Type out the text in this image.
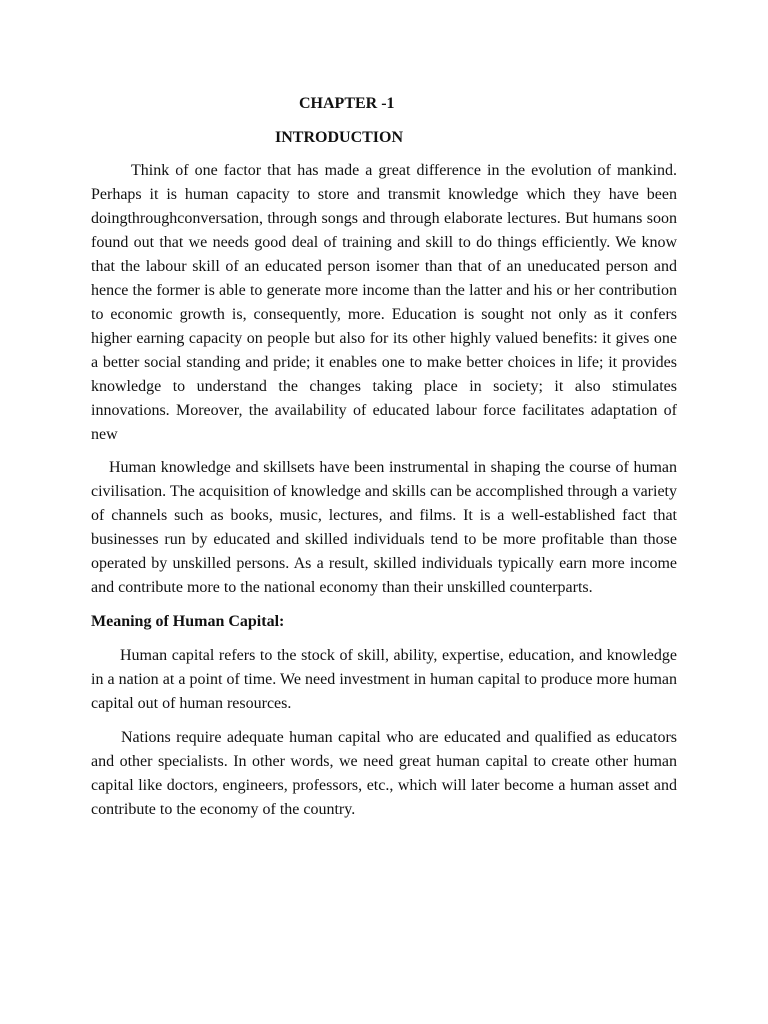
CHAPTER -1
INTRODUCTION

Think of one factor that has made a great difference in the evolution of mankind. Perhaps it is human capacity to store and transmit knowledge which they have been doingthroughconversation, through songs and through elaborate lectures. But humans soon found out that we needs good deal of training and skill to do things efficiently. We know that the labour skill of an educated person isomer than that of an uneducated person and hence the former is able to generate more income than the latter and his or her contribution to economic growth is, consequently, more. Education is sought not only as it confers higher earning capacity on people but also for its other highly valued benefits: it gives one a better social standing and pride; it enables one to make better choices in life; it provides knowledge to understand the changes taking place in society; it also stimulates innovations. Moreover, the availability of educated labour force facilitates adaptation of new

Human knowledge and skillsets have been instrumental in shaping the course of human civilisation. The acquisition of knowledge and skills can be accomplished through a variety of channels such as books, music, lectures, and films. It is a well-established fact that businesses run by educated and skilled individuals tend to be more profitable than those operated by unskilled persons. As a result, skilled individuals typically earn more income and contribute more to the national economy than their unskilled counterparts.

Meaning of Human Capital:

Human capital refers to the stock of skill, ability, expertise, education, and knowledge in a nation at a point of time. We need investment in human capital to produce more human capital out of human resources.

Nations require adequate human capital who are educated and qualified as educators and other specialists. In other words, we need great human capital to create other human capital like doctors, engineers, professors, etc., which will later become a human asset and contribute to the economy of the country.
